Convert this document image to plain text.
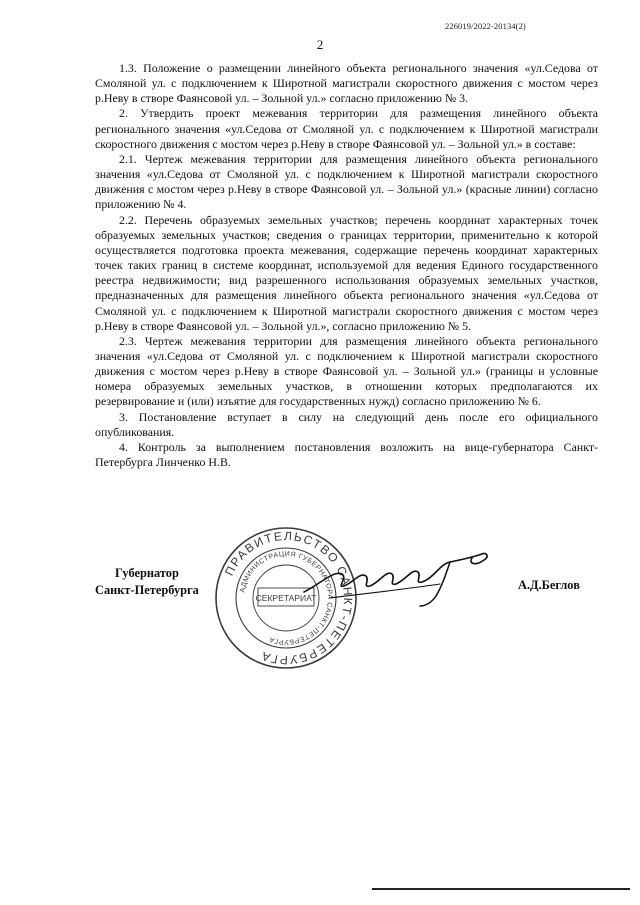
226019/2022-20134(2)
2

1.3. Положение о размещении линейного объекта регионального значения «ул.Седова от Смоляной ул. с подключением к Широтной магистрали скоростного движения с мостом через р.Неву в створе Фаянсовой ул. – Зольной ул.» согласно приложению № 3.

2. Утвердить проект межевания территории для размещения линейного объекта регионального значения «ул.Седова от Смоляной ул. с подключением к Широтной магистрали скоростного движения с мостом через р.Неву в створе Фаянсовой ул. – Зольной ул.» в составе:

2.1. Чертеж межевания территории для размещения линейного объекта регионального значения «ул.Седова от Смоляной ул. с подключением к Широтной магистрали скоростного движения с мостом через р.Неву в створе Фаянсовой ул. – Зольной ул.» (красные линии) согласно приложению № 4.

2.2. Перечень образуемых земельных участков; перечень координат характерных точек образуемых земельных участков; сведения о границах территории, применительно к которой осуществляется подготовка проекта межевания, содержащие перечень координат характерных точек таких границ в системе координат, используемой для ведения Единого государственного реестра недвижимости; вид разрешенного использования образуемых земельных участков, предназначенных для размещения линейного объекта регионального значения «ул.Седова от Смоляной ул. с подключением к Широтной магистрали скоростного движения с мостом через р.Неву в створе Фаянсовой ул. – Зольной ул.», согласно приложению № 5.

2.3. Чертеж межевания территории для размещения линейного объекта регионального значения «ул.Седова от Смоляной ул. с подключением к Широтной магистрали скоростного движения с мостом через р.Неву в створе Фаянсовой ул. – Зольной ул.» (границы и условные номера образуемых земельных участков, в отношении которых предполагаются их резервирование и (или) изъятие для государственных нужд) согласно приложению № 6.

3. Постановление вступает в силу на следующий день после его официального опубликования.

4. Контроль за выполнением постановления возложить на вице-губернатора Санкт-Петербурга Линченко Н.В.

Губернатор
Санкт-Петербурга
ПРАВИТЕЛЬСТВО САНКТ-ПЕТЕРБУРГА
АДМИНИСТРАЦИЯ ГУБЕРНАТОРА САНКТ-ПЕТЕРБУРГА
СЕКРЕТАРИАТ
А.Д.Беглов
